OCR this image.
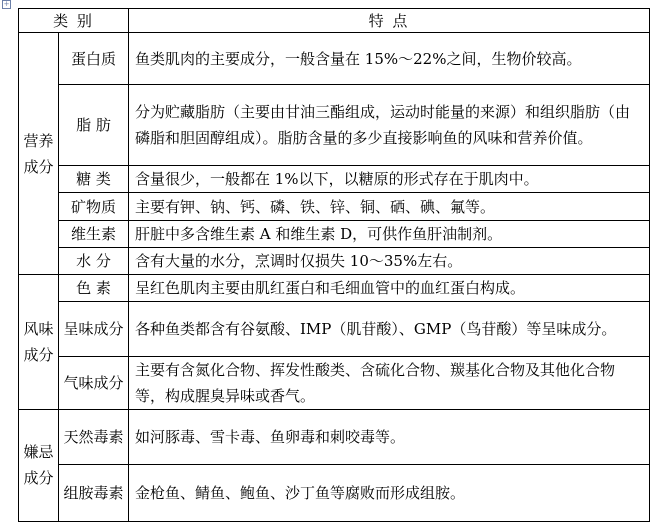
+
类 别		特 点
营养成分	蛋白质	鱼类肌肉的主要成分，一般含量在 15%～22%之间，生物价较高。
	脂 肪	分为贮藏脂肪（主要由甘油三酯组成，运动时能量的来源）和组织脂肪（由磷脂和胆固醇组成）。脂肪含量的多少直接影响鱼的风味和营养价值。
	糖 类	含量很少，一般都在 1%以下，以糖原的形式存在于肌肉中。
	矿物质	主要有钾、钠、钙、磷、铁、锌、铜、硒、碘、氟等。
	维生素	肝脏中多含维生素 A 和维生素 D，可供作鱼肝油制剂。
	水 分	含有大量的水分，烹调时仅损失 10～35%左右。
风味成分	色 素	呈红色肌肉主要由肌红蛋白和毛细血管中的血红蛋白构成。
	呈味成分	各种鱼类都含有谷氨酸、IMP（肌苷酸）、GMP（鸟苷酸）等呈味成分。
	气味成分	主要有含氮化合物、挥发性酸类、含硫化合物、羰基化合物及其他化合物等，构成腥臭异味或香气。
嫌忌成分	天然毒素	如河豚毒、雪卡毒、鱼卵毒和刺咬毒等。
	组胺毒素	金枪鱼、鲭鱼、鲍鱼、沙丁鱼等腐败而形成组胺。
